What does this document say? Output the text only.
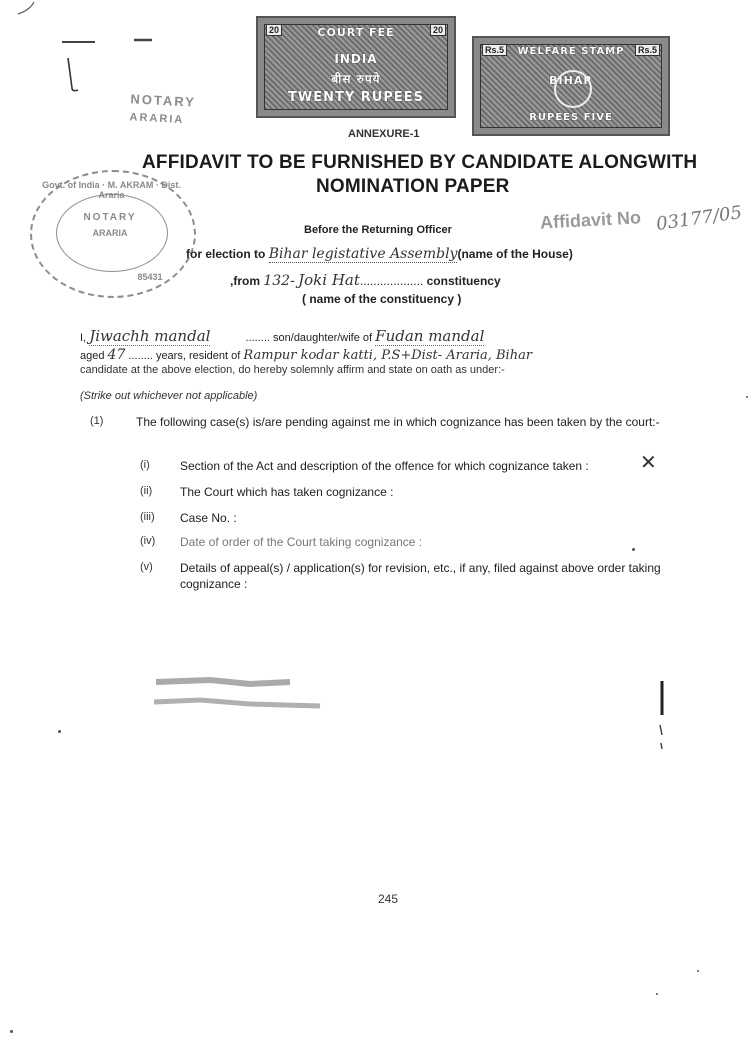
NOTARY
ARARIA
20	20
COURT FEE
INDIA
बीस रुपये
TWENTY RUPEES
Rs.5	Rs.5
WELFARE STAMP
BIHAR
RUPEES FIVE
ANNEXURE-1
AFFIDAVIT TO BE FURNISHED BY CANDIDATE ALONGWITH
NOMINATION PAPER
Govt. of India · M. AKRAM · Dist. Araria
NOTARY
ARARIA
85431
Affidavit No 03177/05
Before the Returning Officer
for election to Bihar legistative Assembly(name of the House)
,from 132- Joki Hat................... constituency
( name of the constituency )
I, Jiwachh mandal	........ son/daughter/wife of Fudan mandal
aged 47 ........ years, resident of Rampur kodar katti, P.S+Dist- Araria, Bihar
candidate at the above election, do hereby solemnly affirm and state on oath as under:-
(Strike out whichever not applicable)
(1)	The following case(s) is/are pending against me in which cognizance has been taken by the court:-
(i)	Section of the Act and description of the offence for which cognizance taken :	✕
(ii) The Court which has taken cognizance :
(iii) Case No. :
(iv) Date of order of the Court taking cognizance :
(v) Details of appeal(s) / application(s) for revision, etc., if any, filed against above order taking cognizance :
245
